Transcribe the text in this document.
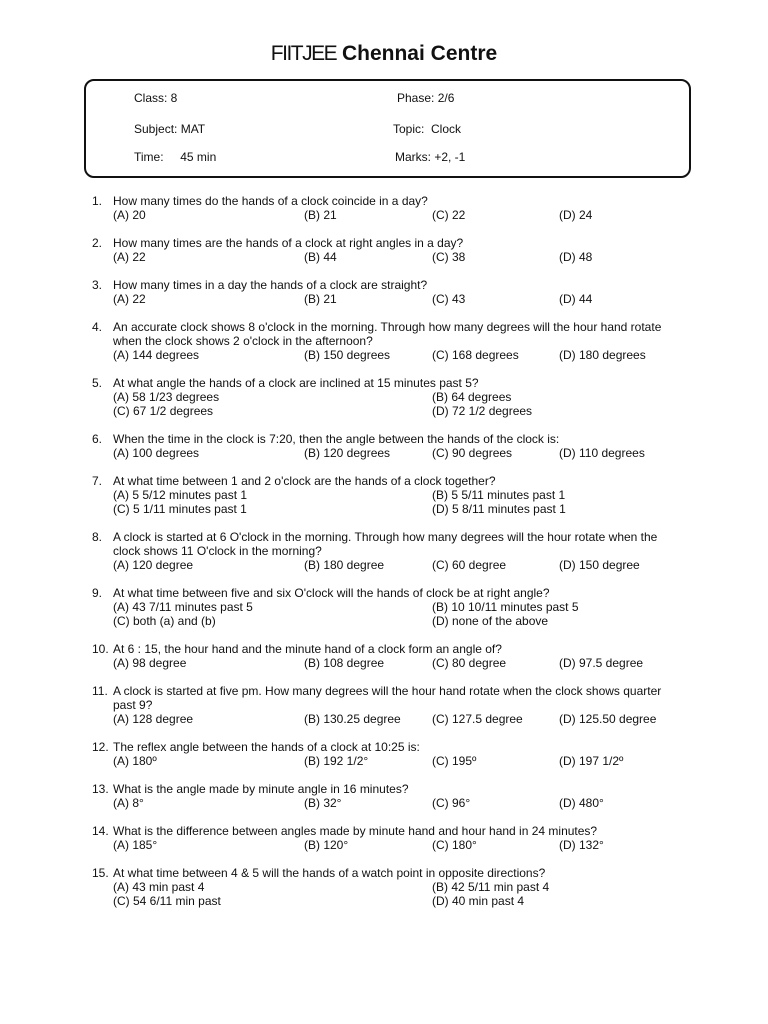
FIITJEE Chennai Centre
Class: 8	Phase: 2/6
Subject: MAT	Topic:  Clock
Time:     45 min	Marks: +2, -1
1. How many times do the hands of a clock coincide in a day?
(A) 20	(B) 21	(C) 22	(D) 24
2. How many times are the hands of a clock at right angles in a day?
(A) 22	(B) 44	(C) 38	(D) 48
3. How many times in a day the hands of a clock are straight?
(A) 22	(B) 21	(C) 43	(D) 44
4. An accurate clock shows 8 o'clock in the morning. Through how many degrees will the hour hand rotate
when the clock shows 2 o'clock in the afternoon?
(A) 144 degrees	(B) 150 degrees	(C) 168 degrees	(D) 180 degrees
5. At what angle the hands of a clock are inclined at 15 minutes past 5?
(A) 58 1/23 degrees	(B) 64 degrees
(C) 67 1/2 degrees	(D) 72 1/2 degrees
6. When the time in the clock is 7:20, then the angle between the hands of the clock is:
(A) 100 degrees	(B) 120 degrees	(C) 90 degrees	(D) 110 degrees
7. At what time between 1 and 2 o'clock are the hands of a clock together?
(A) 5 5/12 minutes past 1	(B) 5 5/11 minutes past 1
(C) 5 1/11 minutes past 1	(D) 5 8/11 minutes past 1
8. A clock is started at 6 O'clock in the morning. Through how many degrees will the hour rotate when the
clock shows 11 O'clock in the morning?
(A) 120 degree	(B) 180 degree	(C) 60 degree	(D) 150 degree
9. At what time between five and six O'clock will the hands of clock be at right angle?
(A) 43 7/11 minutes past 5	(B) 10 10/11 minutes past 5
(C) both (a) and (b)	(D) none of the above
10. At 6 : 15, the hour hand and the minute hand of a clock form an angle of?
(A) 98 degree	(B) 108 degree	(C) 80 degree	(D) 97.5 degree
11. A clock is started at five pm. How many degrees will the hour hand rotate when the clock shows quarter
past 9?
(A) 128 degree	(B) 130.25 degree	(C) 127.5 degree	(D) 125.50 degree
12. The reflex angle between the hands of a clock at 10:25 is:
(A) 180º	(B) 192 1/2°	(C) 195º	(D) 197 1/2º
13. What is the angle made by minute angle in 16 minutes?
(A) 8°	(B) 32°	(C) 96°	(D) 480°
14. What is the difference between angles made by minute hand and hour hand in 24 minutes?
(A) 185°	(B) 120°	(C) 180°	(D) 132°
15. At what time between 4 & 5 will the hands of a watch point in opposite directions?
(A) 43 min past 4	(B) 42 5/11 min past 4
(C) 54 6/11 min past	(D) 40 min past 4
